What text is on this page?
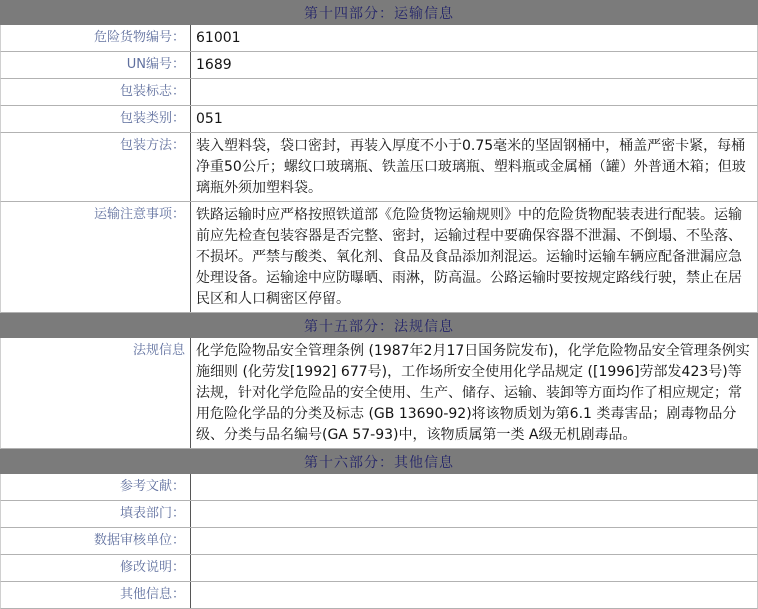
第十四部分：运输信息
危险货物编号： 61001
UN编号： 1689
包装标志：
包装类别： 051
包装方法： 装入塑料袋，袋口密封，再装入厚度不小于0.75毫米的坚固钢桶中，桶盖严密卡紧，每桶净重50公斤；螺纹口玻璃瓶、铁盖压口玻璃瓶、塑料瓶或金属桶（罐）外普通木箱；但玻璃瓶外须加塑料袋。
运输注意事项： 铁路运输时应严格按照铁道部《危险货物运输规则》中的危险货物配装表进行配装。运输前应先检查包装容器是否完整、密封，运输过程中要确保容器不泄漏、不倒塌、不坠落、不损坏。严禁与酸类、氧化剂、食品及食品添加剂混运。运输时运输车辆应配备泄漏应急处理设备。运输途中应防曝晒、雨淋，防高温。公路运输时要按规定路线行驶，禁止在居民区和人口稠密区停留。
第十五部分：法规信息
法规信息 化学危险物品安全管理条例 (1987年2月17日国务院发布)，化学危险物品安全管理条例实施细则 (化劳发[1992] 677号)，工作场所安全使用化学品规定 ([1996]劳部发423号)等法规，针对化学危险品的安全使用、生产、储存、运输、装卸等方面均作了相应规定；常用危险化学品的分类及标志 (GB 13690-92)将该物质划为第6.1 类毒害品；剧毒物品分级、分类与品名编号(GA 57-93)中，该物质属第一类 A级无机剧毒品。
第十六部分：其他信息
参考文献：
填表部门：
数据审核单位：
修改说明：
其他信息：
